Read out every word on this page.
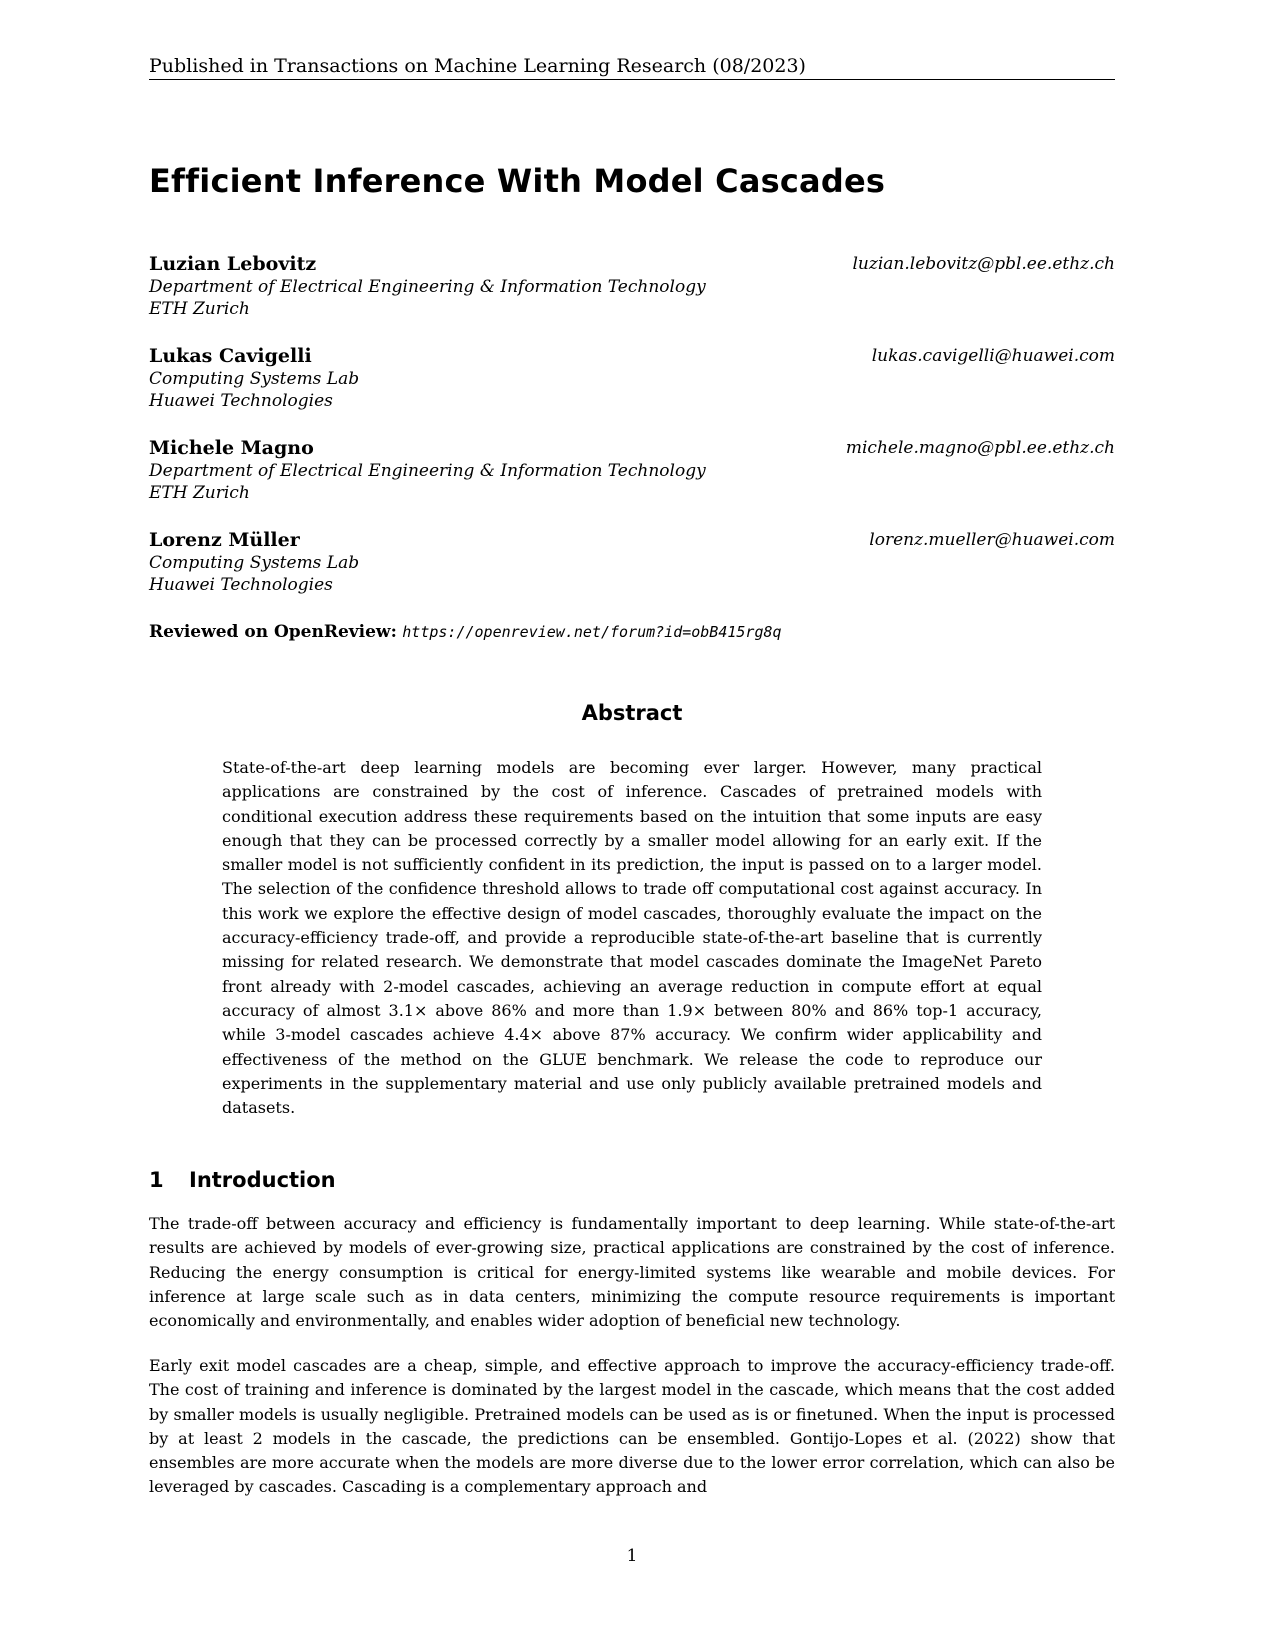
Published in Transactions on Machine Learning Research (08/2023)
Efficient Inference With Model Cascades
Luzian Lebovitz
Department of Electrical Engineering & Information Technology
ETH Zurich
luzian.lebovitz@pbl.ee.ethz.ch
Lukas Cavigelli
Computing Systems Lab
Huawei Technologies
lukas.cavigelli@huawei.com
Michele Magno
Department of Electrical Engineering & Information Technology
ETH Zurich
michele.magno@pbl.ee.ethz.ch
Lorenz Müller
Computing Systems Lab
Huawei Technologies
lorenz.mueller@huawei.com
Reviewed on OpenReview: https://openreview.net/forum?id=obB415rg8q
Abstract
State-of-the-art deep learning models are becoming ever larger. However, many practical applications are constrained by the cost of inference. Cascades of pretrained models with conditional execution address these requirements based on the intuition that some inputs are easy enough that they can be processed correctly by a smaller model allowing for an early exit. If the smaller model is not sufficiently confident in its prediction, the input is passed on to a larger model. The selection of the confidence threshold allows to trade off computational cost against accuracy. In this work we explore the effective design of model cascades, thoroughly evaluate the impact on the accuracy-efficiency trade-off, and provide a reproducible state-of-the-art baseline that is currently missing for related research. We demonstrate that model cascades dominate the ImageNet Pareto front already with 2-model cascades, achieving an average reduction in compute effort at equal accuracy of almost 3.1× above 86% and more than 1.9× between 80% and 86% top-1 accuracy, while 3-model cascades achieve 4.4× above 87% accuracy. We confirm wider applicability and effectiveness of the method on the GLUE benchmark. We release the code to reproduce our experiments in the supplementary material and use only publicly available pretrained models and datasets.
1 Introduction
The trade-off between accuracy and efficiency is fundamentally important to deep learning. While state-of-the-art results are achieved by models of ever-growing size, practical applications are constrained by the cost of inference. Reducing the energy consumption is critical for energy-limited systems like wearable and mobile devices. For inference at large scale such as in data centers, minimizing the compute resource requirements is important economically and environmentally, and enables wider adoption of beneficial new technology.
Early exit model cascades are a cheap, simple, and effective approach to improve the accuracy-efficiency trade-off. The cost of training and inference is dominated by the largest model in the cascade, which means that the cost added by smaller models is usually negligible. Pretrained models can be used as is or finetuned. When the input is processed by at least 2 models in the cascade, the predictions can be ensembled. Gontijo-Lopes et al. (2022) show that ensembles are more accurate when the models are more diverse due to the lower error correlation, which can also be leveraged by cascades. Cascading is a complementary approach and
1
